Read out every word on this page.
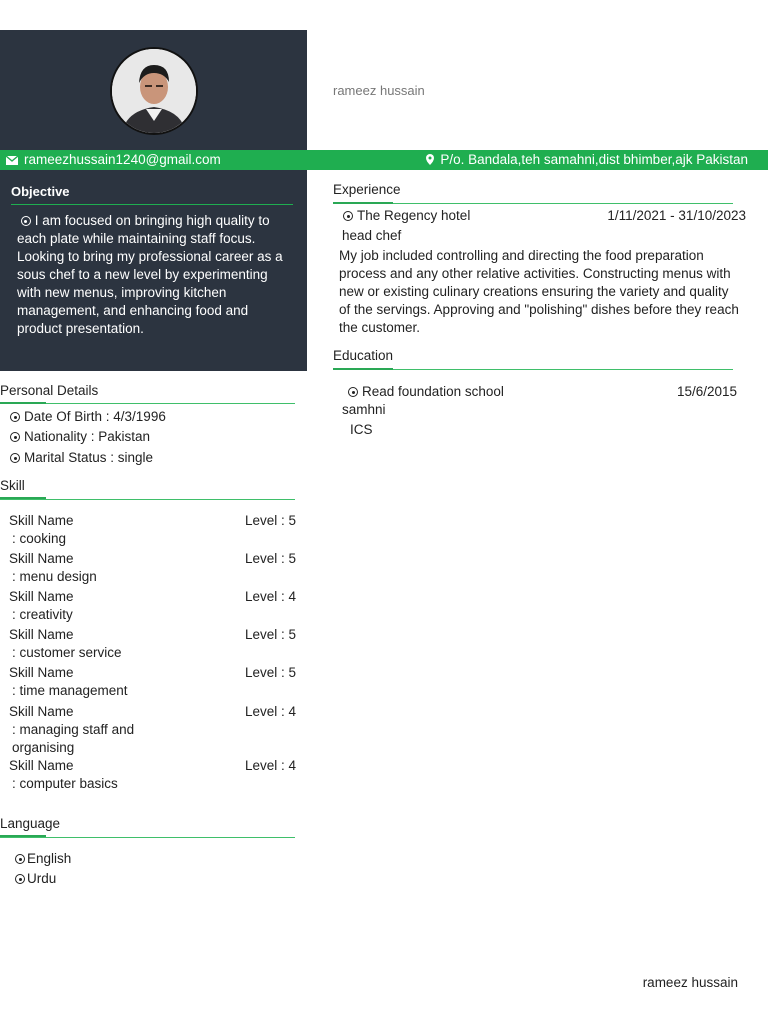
rameez hussain
rameezhussain1240@gmail.com	P/o. Bandala,teh samahni,dist bhimber,ajk Pakistan
Objective
I am focused on bringing high quality to each plate while maintaining staff focus. Looking to bring my professional career as a sous chef to a new level by experimenting with new menus, improving kitchen management, and enhancing food and product presentation.
Personal Details
Date Of Birth : 4/3/1996
Nationality : Pakistan
Marital Status : single
Skill
Skill Name	Level : 5
: cooking
Skill Name	Level : 5
: menu design
Skill Name	Level : 4
: creativity
Skill Name	Level : 5
: customer service
Skill Name	Level : 5
: time management
Skill Name	Level : 4
: managing staff and organising
Skill Name	Level : 4
: computer basics
Language
English
Urdu
Experience
The Regency hotel	1/11/2021 - 31/10/2023
head chef
My job included controlling and directing the food preparation process and any other relative activities. Constructing menus with new or existing culinary creations ensuring the variety and quality of the servings. Approving and "polishing" dishes before they reach the customer.
Education
Read foundation school	15/6/2015
samhni
ICS
rameez hussain
